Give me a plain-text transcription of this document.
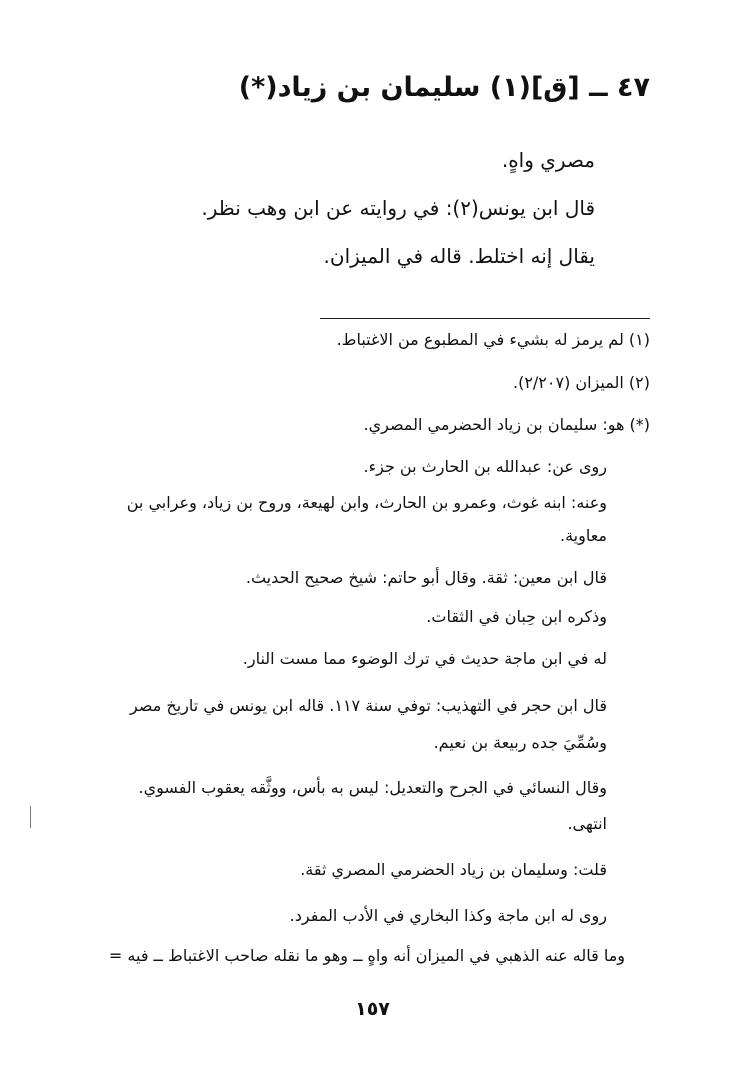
٤٧ ــ [ق](١) سليمان بن زياد(*)
مصري واهٍ.
قال ابن يونس(٢): في روايته عن ابن وهب نظر.
يقال إنه اختلط. قاله في الميزان.
(١) لم يرمز له بشيء في المطبوع من الاغتباط.
(٢) الميزان (٢/٢٠٧).
(*) هو: سليمان بن زياد الحضرمي المصري.
روى عن: عبدالله بن الحارث بن جزء.
وعنه: ابنه غوث، وعمرو بن الحارث، وابن لهيعة، وروح بن زياد، وعرابي بن
معاوية.
قال ابن معين: ثقة. وقال أبو حاتم: شيخ صحيح الحديث.
وذكره ابن حِبان في الثقات.
له في ابن ماجة حديث في ترك الوضوء مما مست النار.
قال ابن حجر في التهذيب: توفي سنة ١١٧. قاله ابن يونس في تاريخ مصر
وسُمِّيَ جده ربيعة بن نعيم.
وقال النسائي في الجرح والتعديل: ليس به بأس، ووثَّقه يعقوب الفسوي.
انتهى.
قلت: وسليمان بن زياد الحضرمي المصري ثقة.
روى له ابن ماجة وكذا البخاري في الأدب المفرد.
وما قاله عنه الذهبي في الميزان أنه واهٍ ــ وهو ما نقله صاحب الاغتباط ــ فيه =
١٥٧
